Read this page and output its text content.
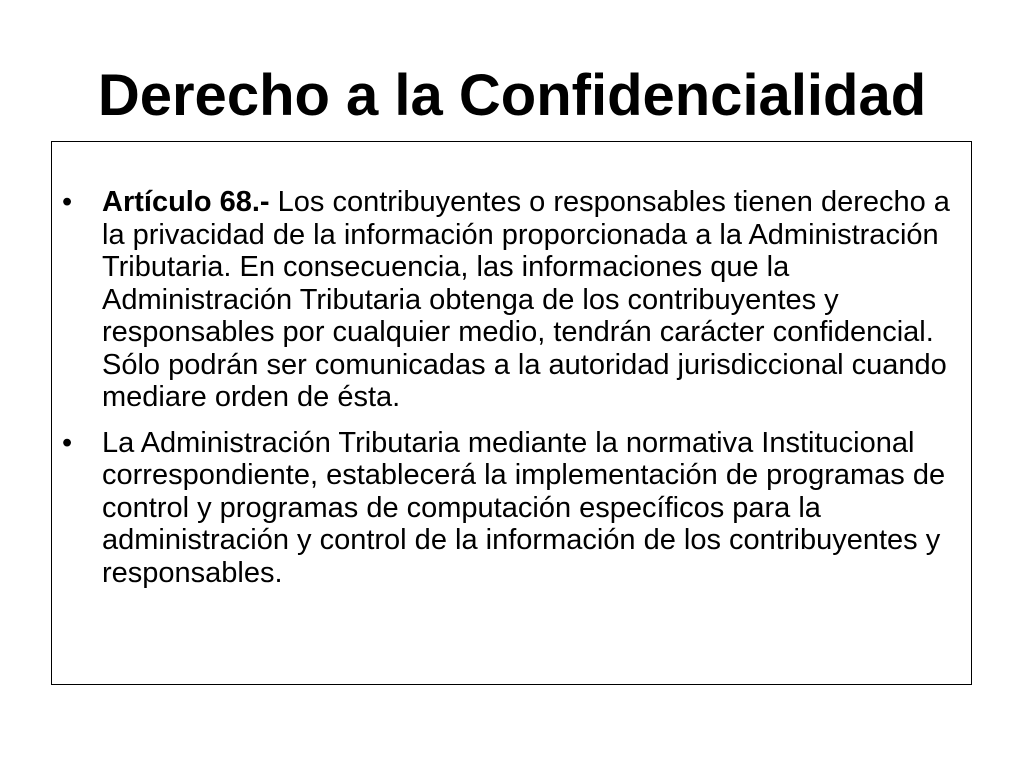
Derecho a la Confidencialidad
• Artículo 68.- Los contribuyentes o responsables tienen derecho a la privacidad de la información proporcionada a la Administración Tributaria. En consecuencia, las informaciones que la Administración Tributaria obtenga de los contribuyentes y responsables por cualquier medio, tendrán carácter confidencial. Sólo podrán ser comunicadas a la autoridad jurisdiccional cuando mediare orden de ésta.
• La Administración Tributaria mediante la normativa Institucional correspondiente, establecerá la implementación de programas de control y programas de computación específicos para la administración y control de la información de los contribuyentes y responsables.
